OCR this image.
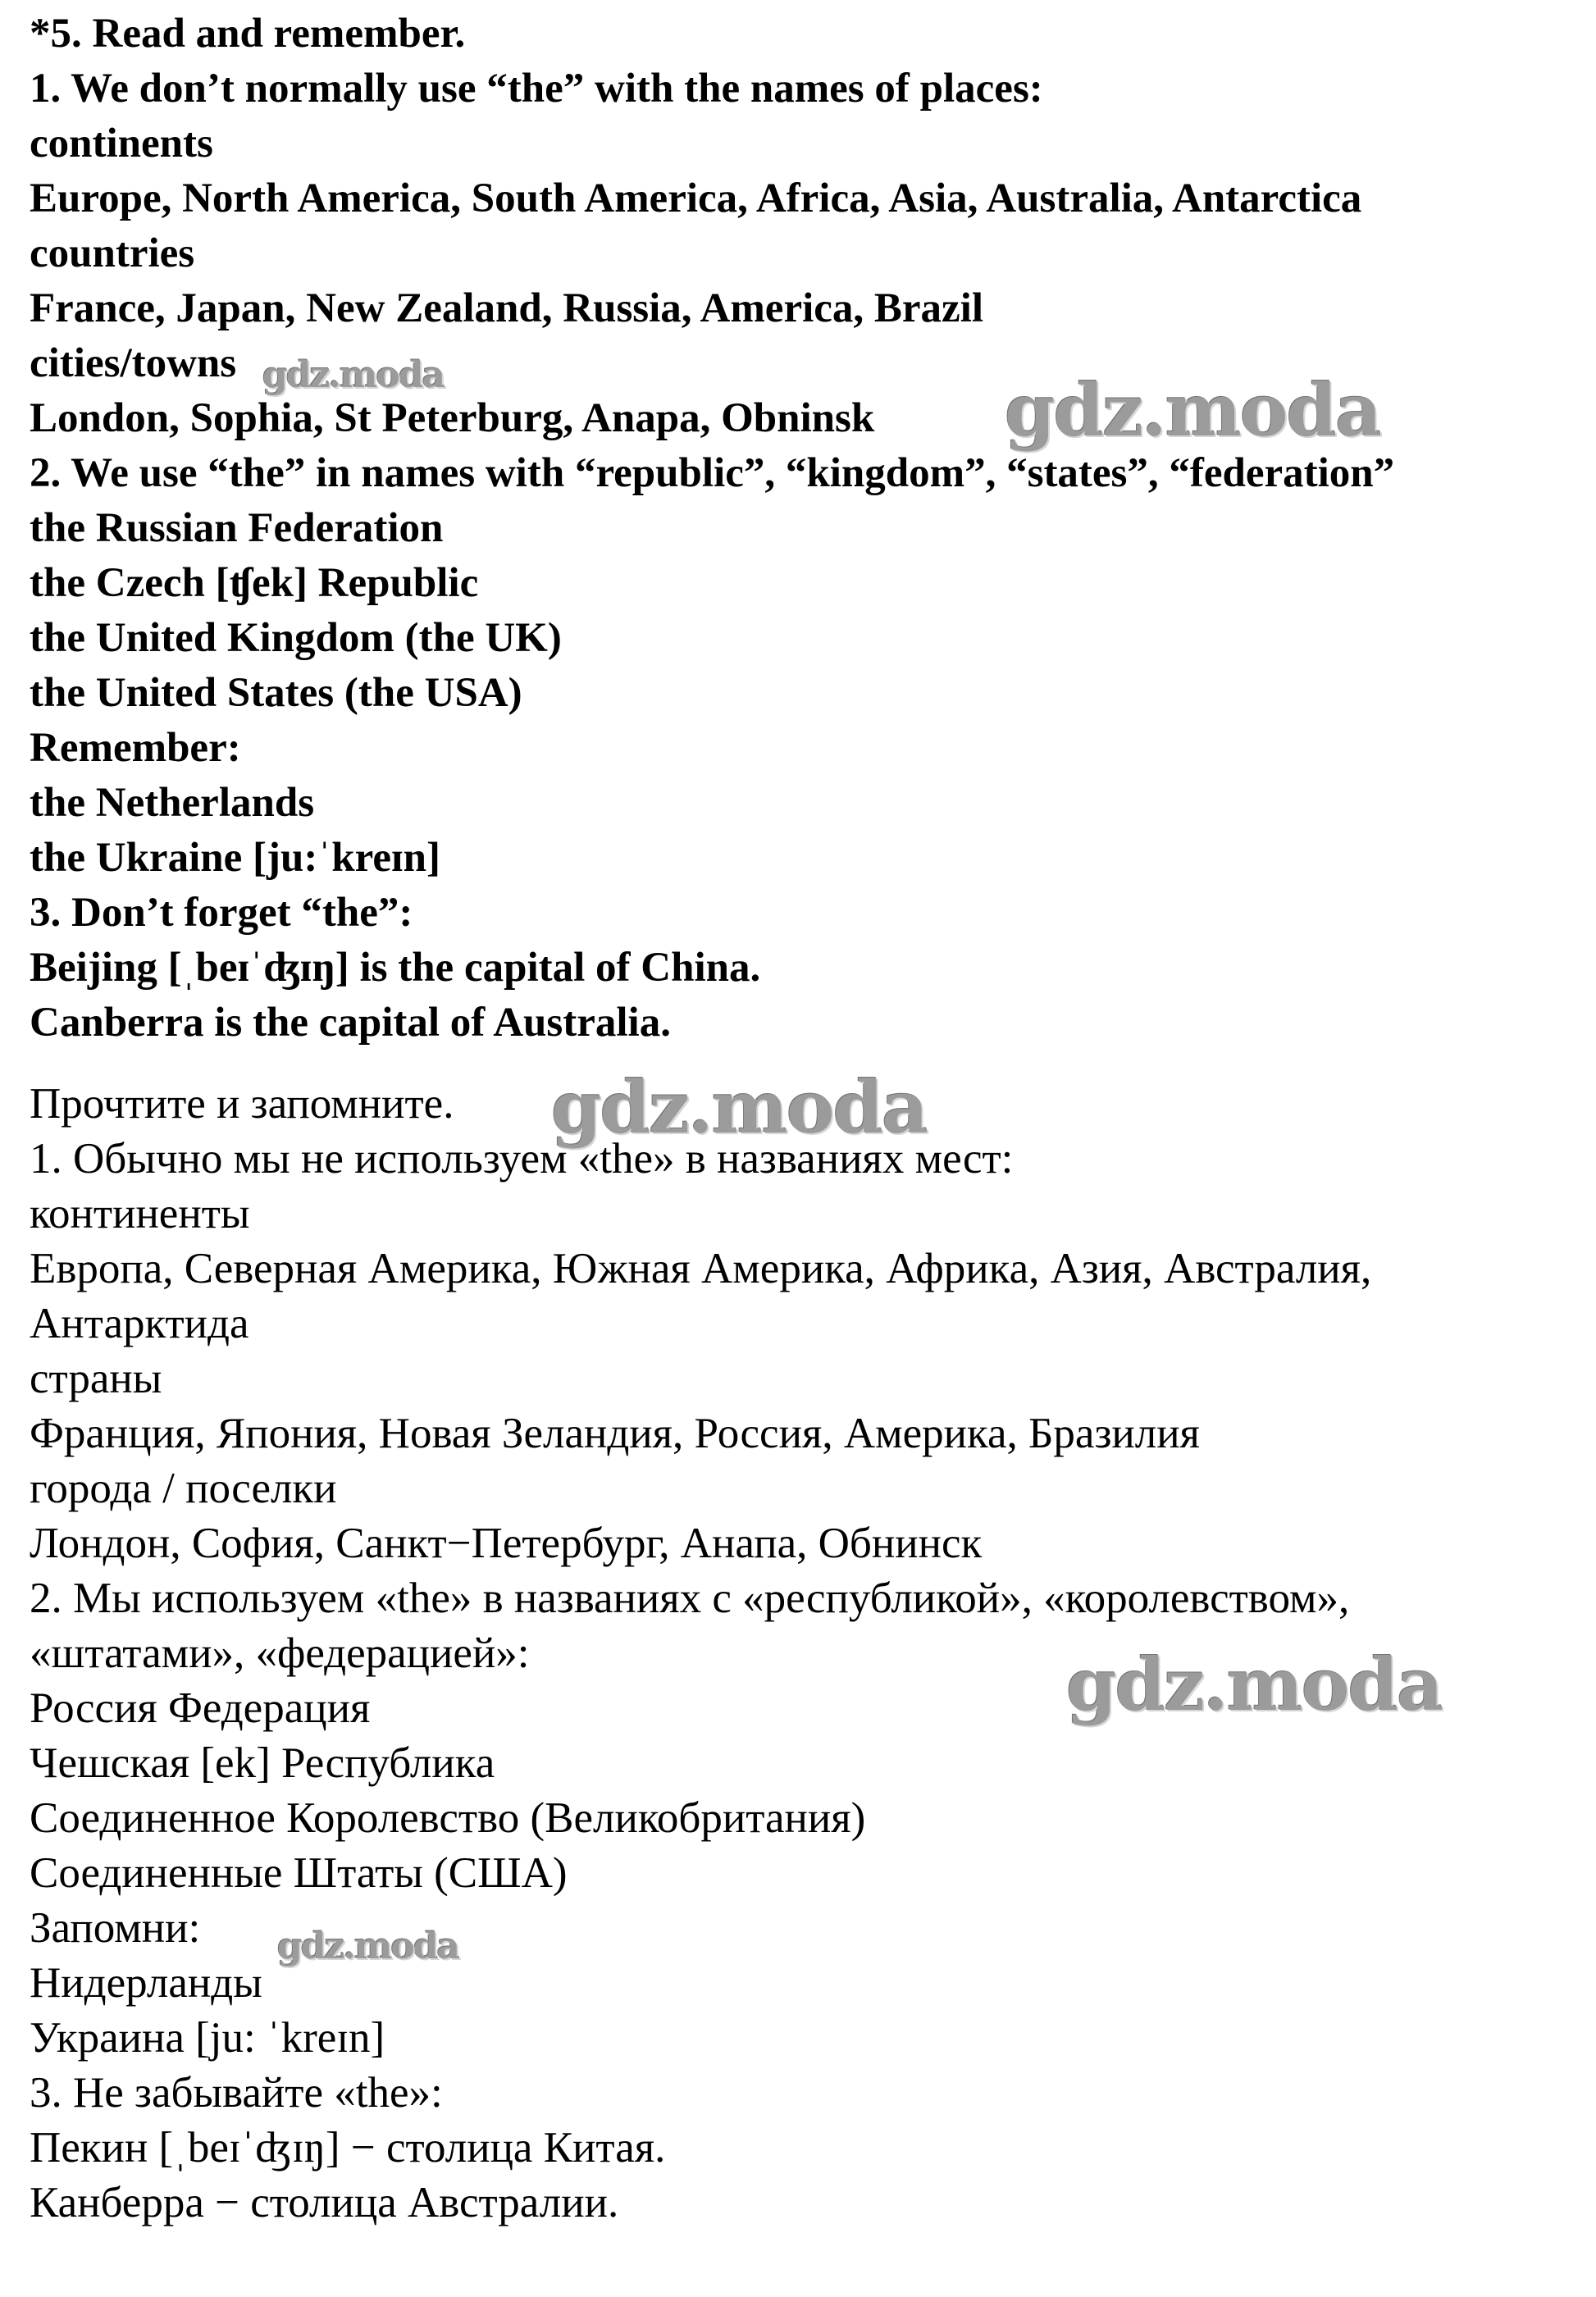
*5. Read and remember.

1. We don’t normally use “the” with the names of places:

continents

Europe, North America, South America, Africa, Asia, Australia, Antarctica

countries

France, Japan, New Zealand, Russia, America, Brazil

cities/towns

London, Sophia, St Peterburg, Anapa, Obninsk

2. We use “the” in names with “republic”, “kingdom”, “states”, “federation”

the Russian Federation

the Czech [ʧek] Republic

the United Kingdom (the UK)

the United States (the USA)

Remember:

the Netherlands

the Ukraine [ju:ˈkreɪn]

3. Don’t forget “the”:

Beijing [ˌbeɪˈʤɪŋ] is the capital of China.

Canberra is the capital of Australia.

Прочтите и запомните.

1. Обычно мы не используем «the» в названиях мест:

континенты

Европа, Северная Америка, Южная Америка, Африка, Азия, Австралия,

Антарктида

страны

Франция, Япония, Новая Зеландия, Россия, Америка, Бразилия

города / поселки

Лондон, София, Санкт−Петербург, Анапа, Обнинск

2. Мы используем «the» в названиях с «республикой», «королевством»,

«штатами», «федерацией»:

Россия Федерация

Чешская [ek] Республика

Соединенное Королевство (Великобритания)

Соединенные Штаты (США)

Запомни:

Нидерланды

Украина [ju: ˈkreɪn]

3. Не забывайте «the»:

Пекин [ˌbeɪˈʤɪŋ] − столица Китая.

Канберра − столица Австралии.

gdz.moda	gdz.moda
gdz.moda
gdz.moda
gdz.moda
